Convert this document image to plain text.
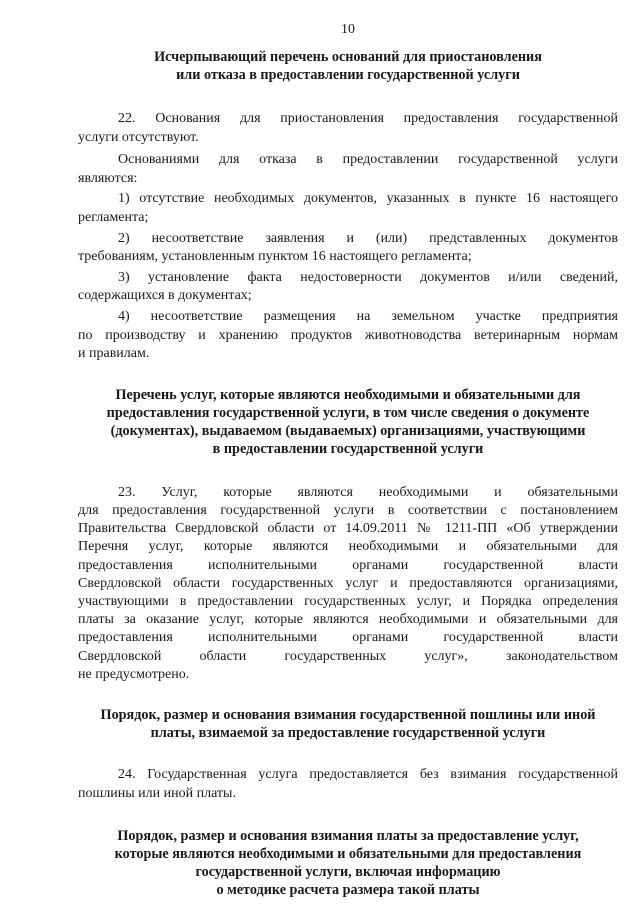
10
Исчерпывающий перечень оснований для приостановления
или отказа в предоставлении государственной услуги
22. Основания для приостановления предоставления государственной
услуги отсутствуют.
Основаниями для отказа в предоставлении государственной услуги
являются:
1) отсутствие необходимых документов, указанных в пункте 16 настоящего
регламента;
2) несоответствие заявления и (или) представленных документов
требованиям, установленным пунктом 16 настоящего регламента;
3) установление факта недостоверности документов и/или сведений,
содержащихся в документах;
4) несоответствие размещения на земельном участке предприятия
по производству и хранению продуктов животноводства ветеринарным нормам
и правилам.
Перечень услуг, которые являются необходимыми и обязательными для
предоставления государственной услуги, в том числе сведения о документе
(документах), выдаваемом (выдаваемых) организациями, участвующими
в предоставлении государственной услуги
23. Услуг, которые являются необходимыми и обязательными
для предоставления государственной услуги в соответствии с постановлением
Правительства Свердловской области от 14.09.2011 № 1211-ПП «Об утверждении
Перечня услуг, которые являются необходимыми и обязательными для
предоставления исполнительными органами государственной власти
Свердловской области государственных услуг и предоставляются организациями,
участвующими в предоставлении государственных услуг, и Порядка определения
платы за оказание услуг, которые являются необходимыми и обязательными для
предоставления исполнительными органами государственной власти
Свердловской области государственных услуг», законодательством
не предусмотрено.
Порядок, размер и основания взимания государственной пошлины или иной
платы, взимаемой за предоставление государственной услуги
24. Государственная услуга предоставляется без взимания государственной
пошлины или иной платы.
Порядок, размер и основания взимания платы за предоставление услуг,
которые являются необходимыми и обязательными для предоставления
государственной услуги, включая информацию
о методике расчета размера такой платы
